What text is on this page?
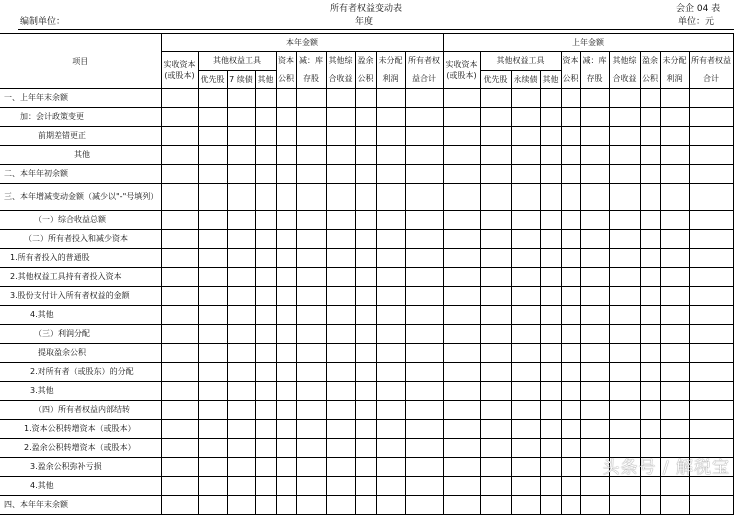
所有者权益变动表
年度
编制单位：
会企 04 表
单位：元
项目	本年金额										上年金额									
	实收资本(或股本)	其他权益工具			资本公积	减：库存股	其他综合收益	盈余公积	未分配利润	所有者权益合计	实收资本(或股本)	其他权益工具			资本公积	减：库存股	其他综合收益	盈余公积	未分配利润	所有者权益合计
		优先股	7 续债	其他								优先股	永续债	其他						
一、上年年末余额																				
加：会计政策变更																				
前期差错更正																				
其他																				
二、本年年初余额																				
三、本年增减变动金额（减少以"-"号填列）																				
（一）综合收益总额																				
（二）所有者投入和减少资本																				
1.所有者投入的普通股																				
2.其他权益工具持有者投入资本																				
3.股份支付计入所有者权益的金额																				
4.其他																				
（三）利润分配																				
提取盈余公积																				
2.对所有者（或股东）的分配																				
3.其他																				
（四）所有者权益内部结转																				
1.资本公积转增资本（或股本）																				
2.盈余公积转增资本（或股本）																				
3.盈余公积弥补亏损																				
4.其他																				
四、本年年末余额																				
头条号 / 解税宝
